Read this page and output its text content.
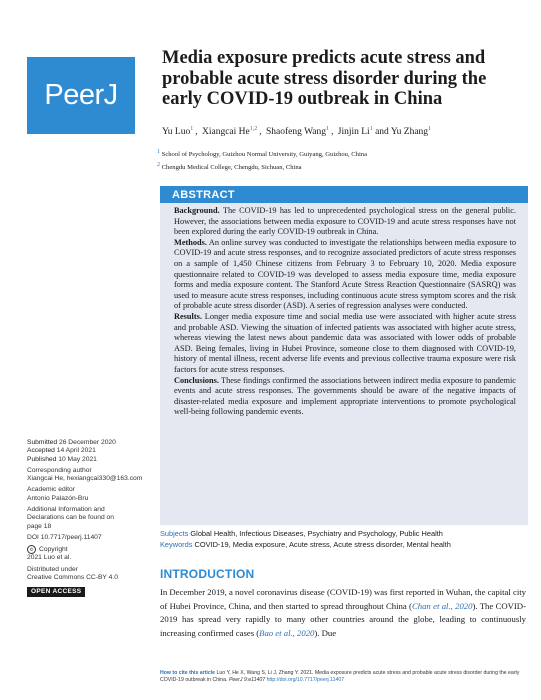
PeerJ
Media exposure predicts acute stress and probable acute stress disorder during the early COVID-19 outbreak in China
Yu Luo$^1$ , Xiangcai He$^{1,2}$ , Shaofeng Wang$^1$ , Jinjin Li$^1$ and Yu Zhang$^1$
$^1$ School of Psychology, Guizhou Normal University, Guiyang, Guizhou, China
$^2$ Chengdu Medical College, Chengdu, Sichuan, China
ABSTRACT

Background. The COVID-19 has led to unprecedented psychological stress on the general public. However, the associations between media exposure to COVID-19 and acute stress responses have not been explored during the early COVID-19 outbreak in China.

Methods. An online survey was conducted to investigate the relationships between media exposure to COVID-19 and acute stress responses, and to recognize associated predictors of acute stress responses on a sample of 1,450 Chinese citizens from February 3 to February 10, 2020. Media exposure questionnaire related to COVID-19 was developed to assess media exposure time, media exposure forms and media exposure content. The Stanford Acute Stress Reaction Questionnaire (SASRQ) was used to measure acute stress responses, including continuous acute stress symptom scores and the risk of probable acute stress disorder (ASD). A series of regression analyses were conducted.

Results. Longer media exposure time and social media use were associated with higher acute stress and probable ASD. Viewing the situation of infected patients was associated with higher acute stress, whereas viewing the latest news about pandemic data was associated with lower odds of probable ASD. Being females, living in Hubei Province, someone close to them diagnosed with COVID-19, history of mental illness, recent adverse life events and previous collective trauma exposure were risk factors for acute stress responses.

Conclusions. These findings confirmed the associations between indirect media exposure to pandemic events and acute stress responses. The governments should be aware of the negative impacts of disaster-related media exposure and implement appropriate interventions to promote psychological well-being following pandemic events.

Subjects Global Health, Infectious Diseases, Psychiatry and Psychology, Public Health
Keywords COVID-19, Media exposure, Acute stress, Acute stress disorder, Mental health
INTRODUCTION
In December 2019, a novel coronavirus disease (COVID-19) was first reported in Wuhan, the capital city of Hubei Province, China, and then started to spread throughout China (Chan et al., 2020). The COVID-2019 has spread very rapidly to many other countries around the globe, leading to continuously increasing confirmed cases (Bao et al., 2020). Due
Submitted 26 December 2020
Accepted 14 April 2021
Published 10 May 2021
Corresponding author
Xiangcai He, hexiangcai330@163.com
Academic editor
Antonio Palazón-Bru
Additional Information and
Declarations can be found on
page 18
DOI 10.7717/peerj.11407
© Copyright
2021 Luo et al.
Distributed under
Creative Commons CC-BY 4.0
OPEN ACCESS
How to cite this article Luo Y, He X, Wang S, Li J, Zhang Y. 2021. Media exposure predicts acute stress and probable acute stress disorder during the early COVID-19 outbreak in China. PeerJ 9:e11407 http://doi.org/10.7717/peerj.11407
